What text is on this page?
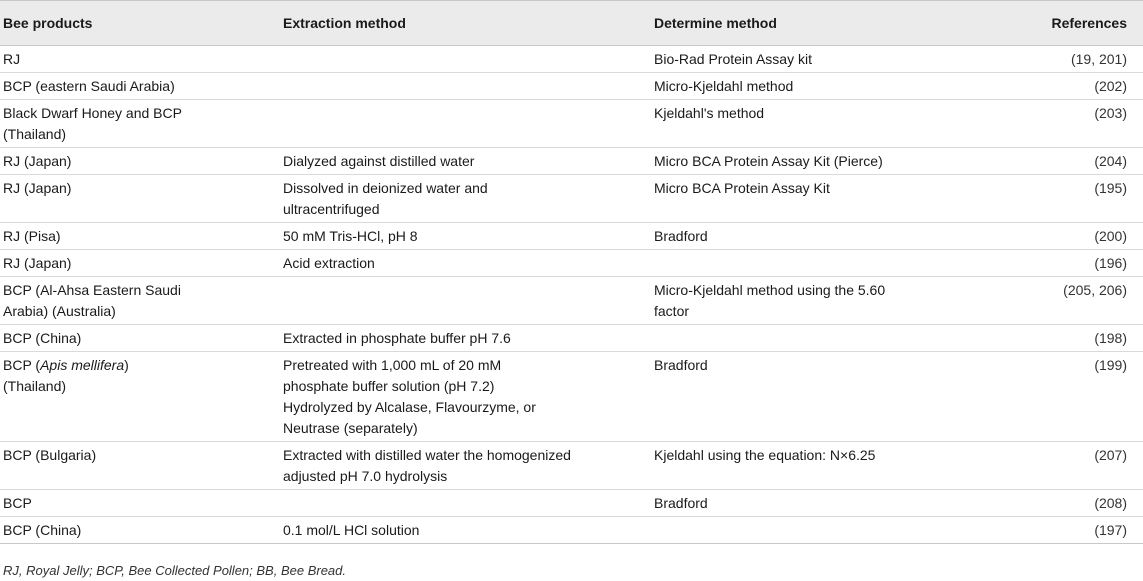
Bee products	Extraction method	Determine method	References
RJ		Bio-Rad Protein Assay kit	(19, 201)
BCP (eastern Saudi Arabia)		Micro-Kjeldahl method	(202)

Black Dwarf Honey and BCP (Thailand)		Kjeldahl's method	(203)
RJ (Japan)	Dialyzed against distilled water	Micro BCA Protein Assay Kit (Pierce)	(204)
RJ (Japan)	Dissolved in deionized water and ultracentrifuged	Micro BCA Protein Assay Kit	(195)
RJ (Pisa)	50 mM Tris-HCl, pH 8	Bradford	(200)
RJ (Japan)	Acid extraction		(196)

BCP (Al-Ahsa Eastern Saudi Arabia) (Australia)		Micro-Kjeldahl method using the 5.60 factor	(205, 206)
BCP (China)	Extracted in phosphate buffer pH 7.6		(198)

BCP (Apis mellifera) (Thailand)	Pretreated with 1,000 mL of 20 mM phosphate buffer solution (pH 7.2) Hydrolyzed by Alcalase, Flavourzyme, or Neutrase (separately)	Bradford	(199)
BCP (Bulgaria)	Extracted with distilled water the homogenized adjusted pH 7.0 hydrolysis	Kjeldahl using the equation: N×6.25	(207)
BCP		Bradford	(208)
BCP (China)	0.1 mol/L HCl solution		(197)
RJ, Royal Jelly; BCP, Bee Collected Pollen; BB, Bee Bread.
